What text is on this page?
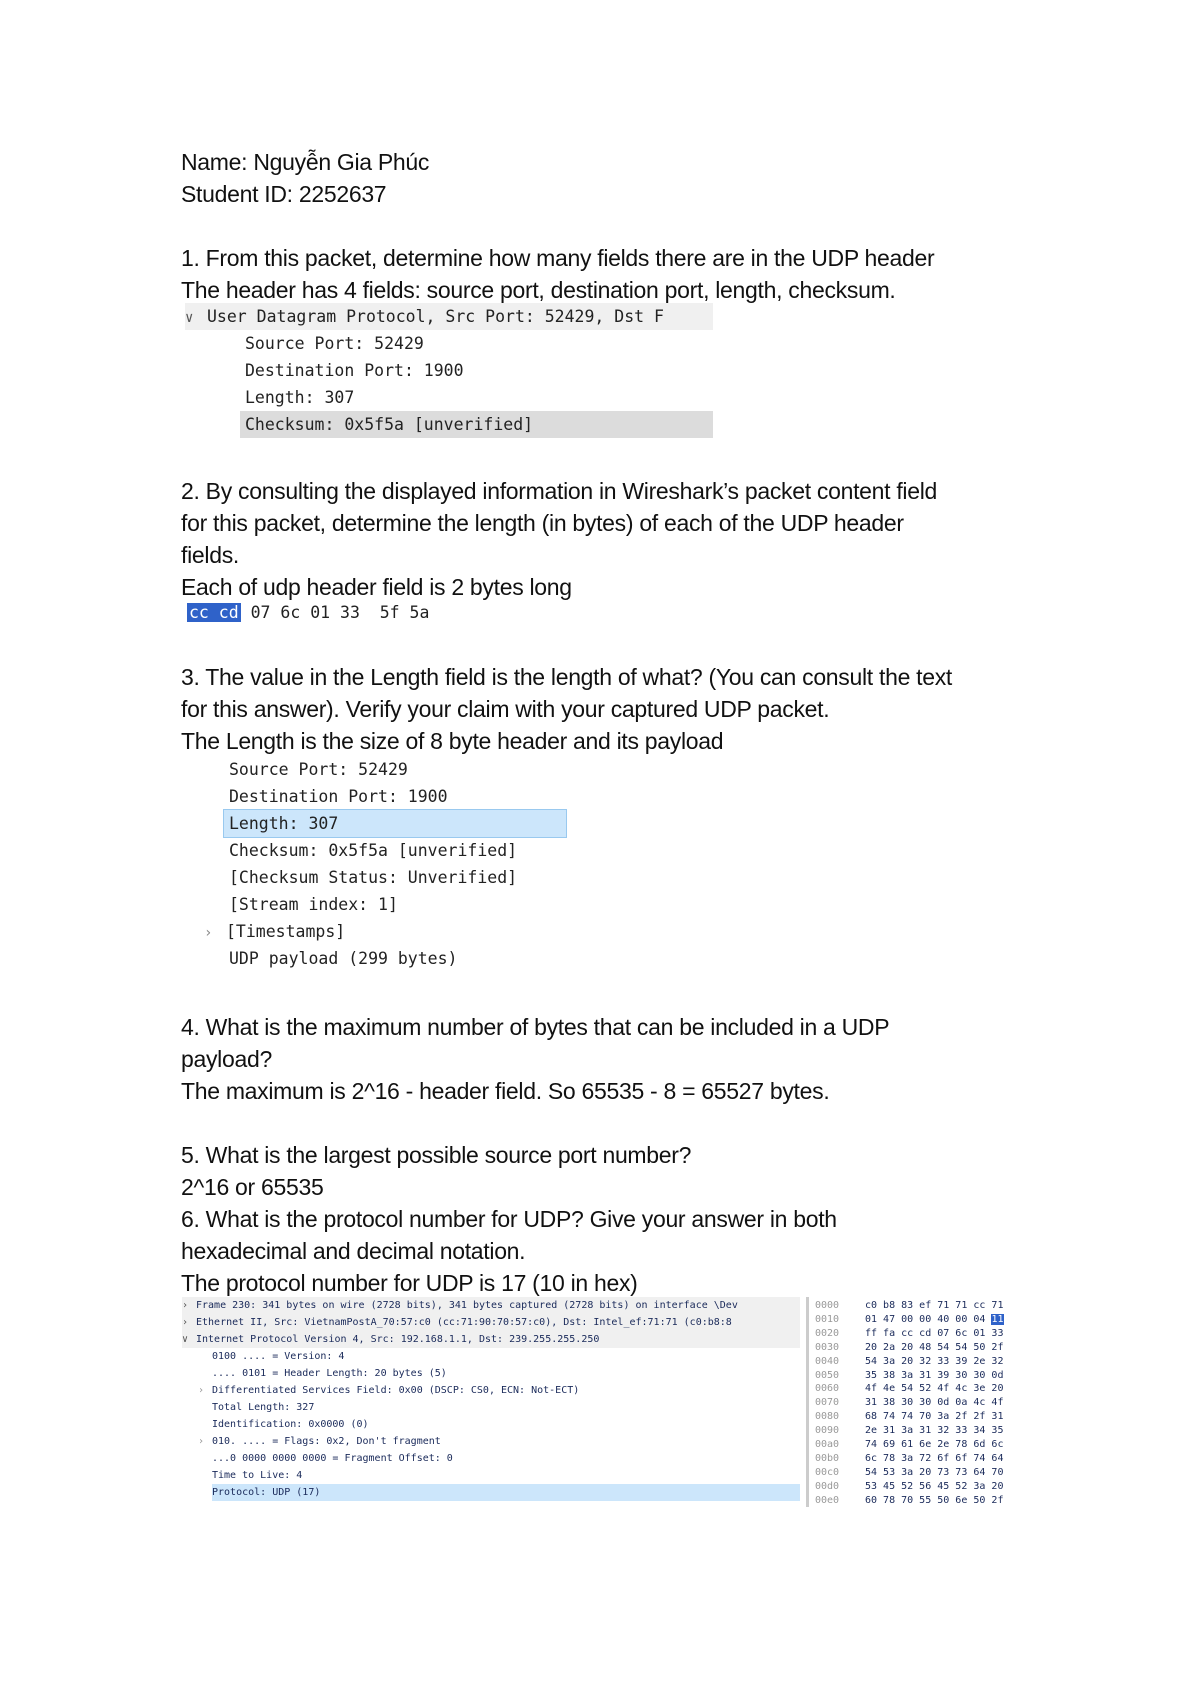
Name: Nguyễn Gia Phúc
Student ID: 2252637
1. From this packet, determine how many fields there are in the UDP header
The header has 4 fields: source port, destination port, length, checksum.
∨ User Datagram Protocol, Src Port: 52429, Dst F
Source Port: 52429
Destination Port: 1900
Length: 307
Checksum: 0x5f5a [unverified]
2. By consulting the displayed information in Wireshark’s packet content field
for this packet, determine the length (in bytes) of each of the UDP header
fields.
Each of udp header field is 2 bytes long
cc cd 07 6c 01 33  5f 5a
3. The value in the Length field is the length of what? (You can consult the text
for this answer). Verify your claim with your captured UDP packet.
The Length is the size of 8 byte header and its payload
Source Port: 52429
Destination Port: 1900
Length: 307
Checksum: 0x5f5a [unverified]
[Checksum Status: Unverified]
[Stream index: 1]
› [Timestamps]
UDP payload (299 bytes)
4. What is the maximum number of bytes that can be included in a UDP
payload?
The maximum is 2^16 - header field. So 65535 - 8 = 65527 bytes.
5. What is the largest possible source port number?
2^16 or 65535
6. What is the protocol number for UDP? Give your answer in both
hexadecimal and decimal notation.
The protocol number for UDP is 17 (10 in hex)
› Frame 230: 341 bytes on wire (2728 bits), 341 bytes captured (2728 bits) on interface \Dev
› Ethernet II, Src: VietnamPostA_70:57:c0 (cc:71:90:70:57:c0), Dst: Intel_ef:71:71 (c0:b8:8
∨ Internet Protocol Version 4, Src: 192.168.1.1, Dst: 239.255.255.250
0100 .... = Version: 4
.... 0101 = Header Length: 20 bytes (5)
› Differentiated Services Field: 0x00 (DSCP: CS0, ECN: Not-ECT)
Total Length: 327
Identification: 0x0000 (0)
› 010. .... = Flags: 0x2, Don't fragment
...0 0000 0000 0000 = Fragment Offset: 0
Time to Live: 4
Protocol: UDP (17)
0000	c0 b8 83 ef 71 71 cc 71
0010	01 47 00 00 40 00 04 11
0020	ff fa cc cd 07 6c 01 33
0030	20 2a 20 48 54 54 50 2f
0040	54 3a 20 32 33 39 2e 32
0050	35 38 3a 31 39 30 30 0d
0060	4f 4e 54 52 4f 4c 3e 20
0070	31 38 30 30 0d 0a 4c 4f
0080	68 74 74 70 3a 2f 2f 31
0090	2e 31 3a 31 32 33 34 35
00a0	74 69 61 6e 2e 78 6d 6c
00b0	6c 78 3a 72 6f 6f 74 64
00c0	54 53 3a 20 73 73 64 70
00d0	53 45 52 56 45 52 3a 20
00e0	60 78 70 55 50 6e 50 2f
